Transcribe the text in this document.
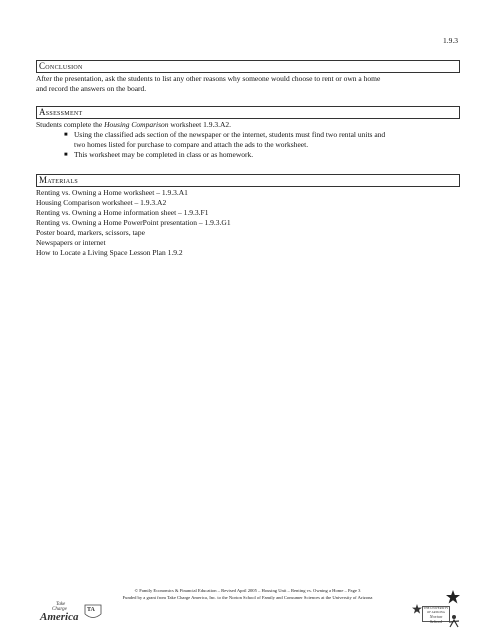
1.9.3
Conclusion
After the presentation, ask the students to list any other reasons why someone would choose to rent or own a home
and record the answers on the board.
Assessment
Students complete the Housing Comparison worksheet 1.9.3.A2.
■ Using the classified ads section of the newspaper or the internet, students must find two rental units and
two homes listed for purchase to compare and attach the ads to the worksheet.
■ This worksheet may be completed in class or as homework.
Materials
Renting vs. Owning a Home worksheet – 1.9.3.A1
Housing Comparison worksheet – 1.9.3.A2
Renting vs. Owning a Home information sheet – 1.9.3.F1
Renting vs. Owning a Home PowerPoint presentation – 1.9.3.G1
Poster board, markers, scissors, tape
Newspapers or internet
How to Locate a Living Space Lesson Plan 1.9.2
© Family Economics & Financial Education – Revised April 2005 – Housing Unit – Renting vs. Owning a Home – Page 3
Funded by a grant from Take Charge America, Inc. to the Norton School of Family and Consumer Sciences at the University of Arizona
Take
Charge
America
TA	THE UNIVERSITY OF ARIZONA
Norton School
